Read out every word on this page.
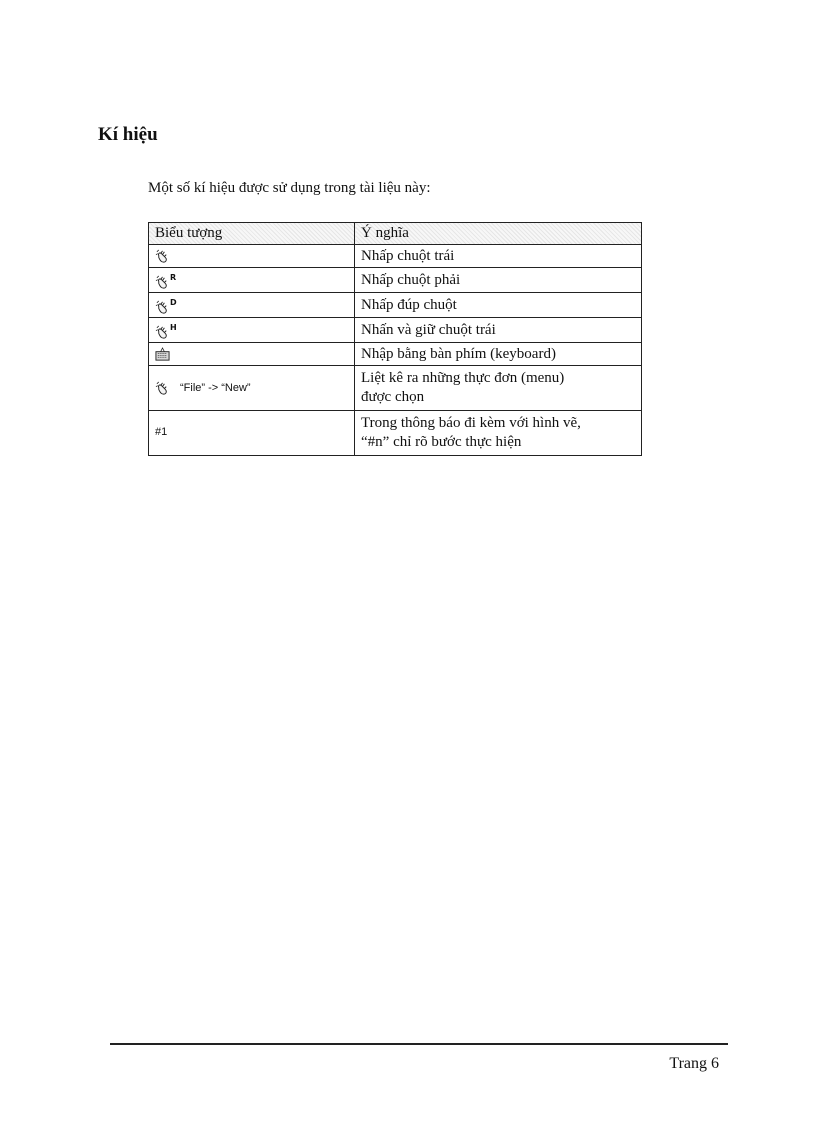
Kí hiệu

Một số kí hiệu được sử dụng trong tài liệu này:

Biểu tượng	Ý nghĩa
	Nhấp chuột trái
$^R$	Nhấp chuột phải
$^D$	Nhấp đúp chuột
$^H$	Nhấn và giữ chuột trái
	Nhập bằng bàn phím (keyboard)
“File” -> “New”	Liệt kê ra những thực đơn (menu)
được chọn

#1	Trong thông báo đi kèm với hình vẽ,
“#n” chỉ rõ bước thực hiện
Trang 6
